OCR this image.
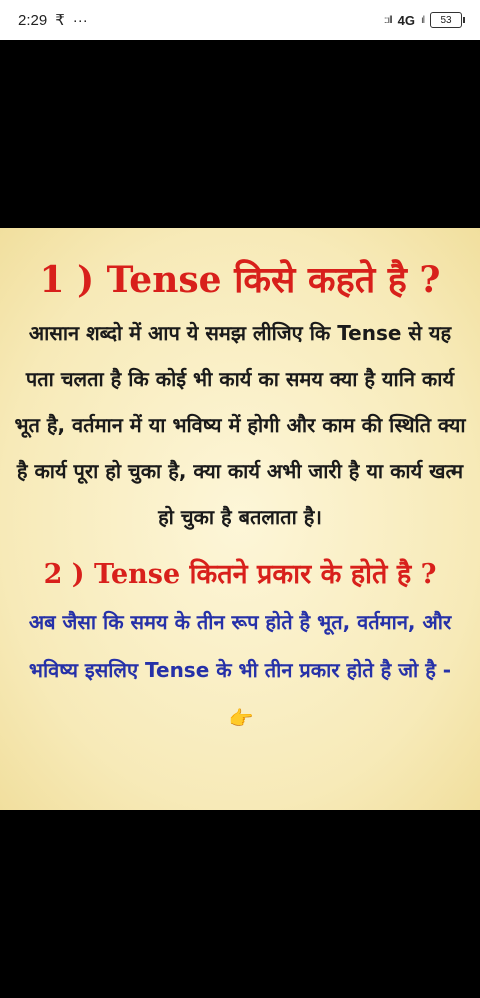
2:29 ₹ ···	::ıll 4G ıl	53
1 ) Tense किसे कहते है ?

आसान शब्दो में आप ये समझ लीजिए कि Tense से यह पता चलता है कि कोई भी कार्य का समय क्या है यानि कार्य भूत है, वर्तमान में या भविष्य में होगी और काम की स्थिति क्या है कार्य पूरा हो चुका है, क्या कार्य अभी जारी है या कार्य खत्म हो चुका है बतलाता है।

2 ) Tense कितने प्रकार के होते है ?

अब जैसा कि समय के तीन रूप होते है भूत, वर्तमान, और भविष्य इसलिए Tense के भी तीन प्रकार होते है जो है - 👉
